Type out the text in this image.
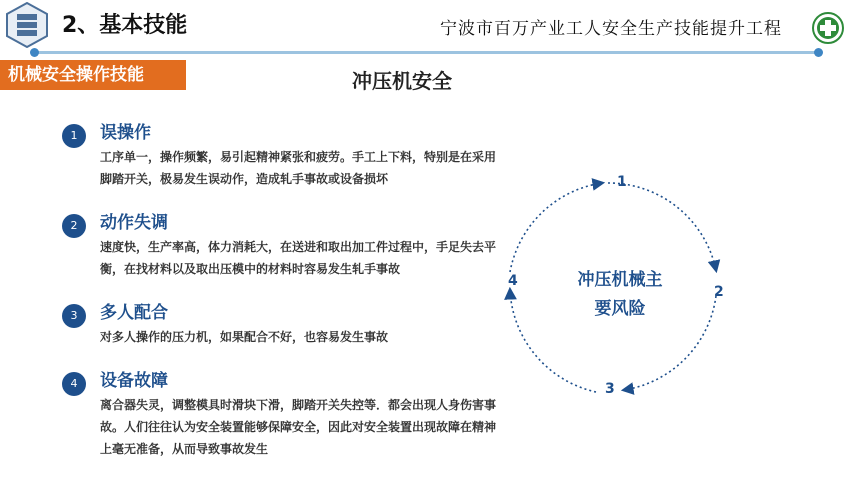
2、基本技能	宁波市百万产业工人安全生产技能提升工程
机械安全操作技能	冲压机安全
1	误操作
工序单一，操作频繁，易引起精神紧张和疲劳。手工上下料，特别是在采用脚踏开关，极易发生误动作，造成轧手事故或设备损坏
2	动作失调
速度快，生产率高，体力消耗大，在送进和取出加工件过程中，手足失去平衡，在找材料以及取出压模中的材料时容易发生轧手事故
3	多人配合
对多人操作的压力机，如果配合不好，也容易发生事故
4	设备故障
离合器失灵，调整模具时滑块下滑，脚踏开关失控等．都会出现人身伤害事故。人们往往认为安全装置能够保障安全，因此对安全装置出现故障在精神上毫无准备，从而导致事故发生
1
2
3
4	冲压机械主
要风险
